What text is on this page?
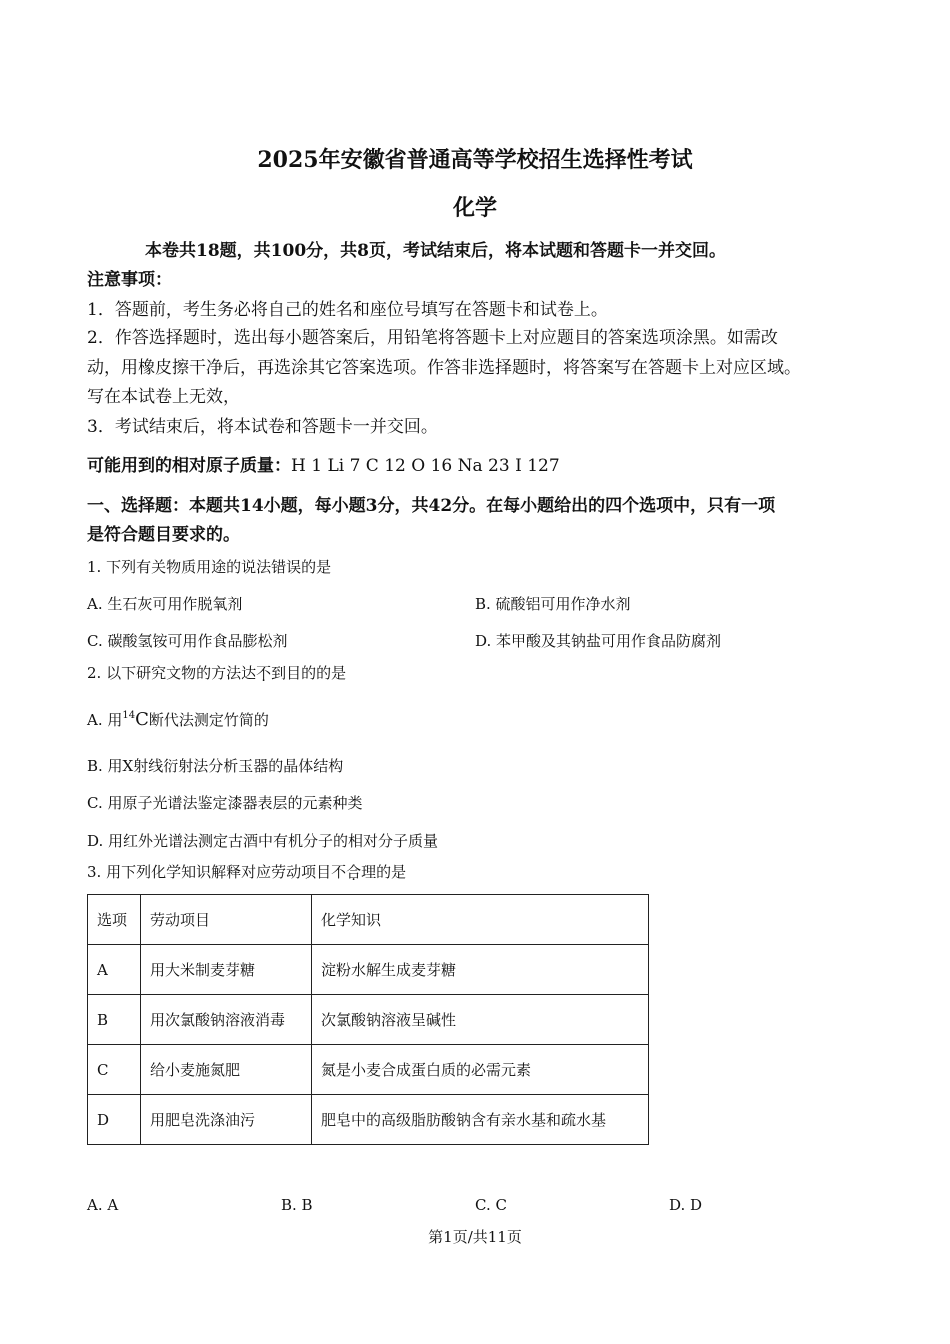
2025年安徽省普通高等学校招生选择性考试
化学
本卷共18题，共100分，共8页，考试结束后，将本试题和答题卡一并交回。
注意事项：
1．答题前，考生务必将自己的姓名和座位号填写在答题卡和试卷上。
2．作答选择题时，选出每小题答案后，用铅笔将答题卡上对应题目的答案选项涂黑。如需改
动，用橡皮擦干净后，再选涂其它答案选项。作答非选择题时，将答案写在答题卡上对应区域。
写在本试卷上无效，
3．考试结束后，将本试卷和答题卡一并交回。
可能用到的相对原子质量：H 1 Li 7 C 12 O 16 Na 23 I 127
一、选择题：本题共14小题，每小题3分，共42分。在每小题给出的四个选项中，只有一项
是符合题目要求的。
1. 下列有关物质用途的说法错误的是
A. 生石灰可用作脱氧剂	B. 硫酸铝可用作净水剂
C. 碳酸氢铵可用作食品膨松剂	D. 苯甲酸及其钠盐可用作食品防腐剂
2. 以下研究文物的方法达不到目的的是
A. 用$^{14}$C断代法测定竹简的
B. 用X射线衍射法分析玉器的晶体结构
C. 用原子光谱法鉴定漆器表层的元素种类
D. 用红外光谱法测定古酒中有机分子的相对分子质量
3. 用下列化学知识解释对应劳动项目不合理的是
选项	劳动项目	化学知识
A	用大米制麦芽糖	淀粉水解生成麦芽糖
B	用次氯酸钠溶液消毒	次氯酸钠溶液呈碱性
C	给小麦施氮肥	氮是小麦合成蛋白质的必需元素
D	用肥皂洗涤油污	肥皂中的高级脂肪酸钠含有亲水基和疏水基
A. A	B. B	C. C	D. D
第1页/共11页
